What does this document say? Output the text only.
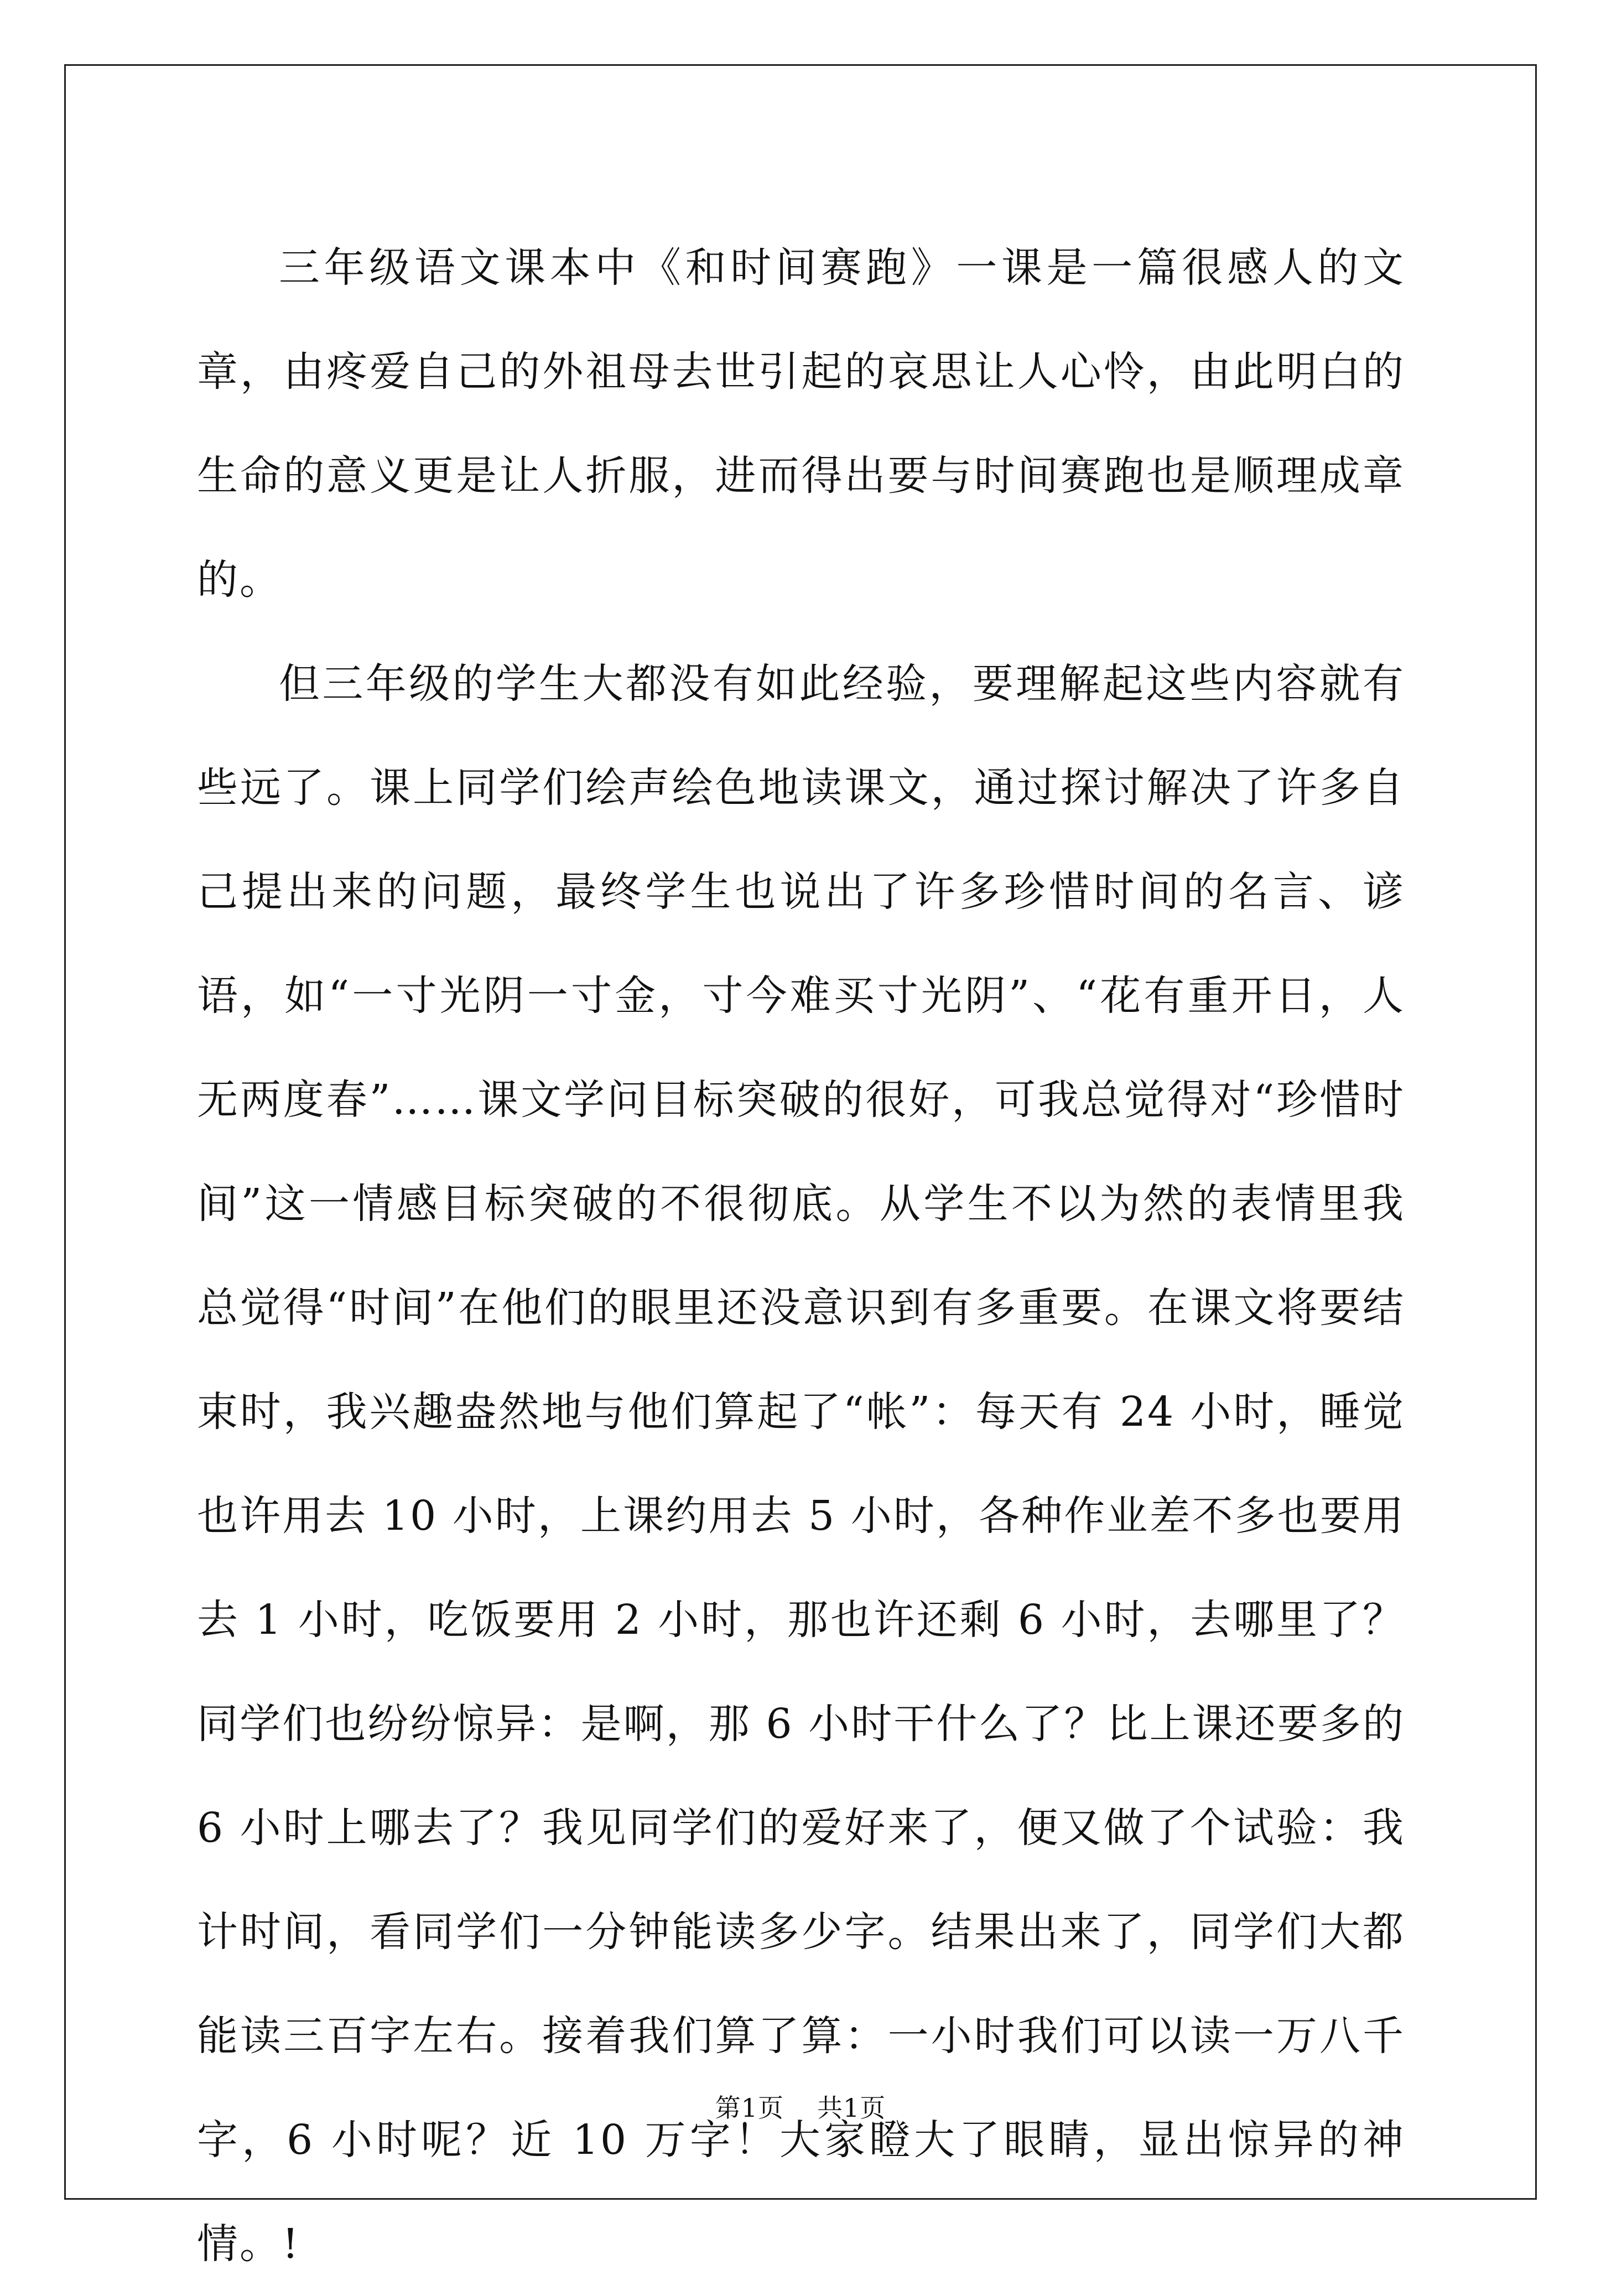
三年级语文课本中《和时间赛跑》一课是一篇很感人的文章，由疼爱自己的外祖母去世引起的哀思让人心怜，由此明白的生命的意义更是让人折服，进而得出要与时间赛跑也是顺理成章的。

但三年级的学生大都没有如此经验，要理解起这些内容就有些远了。课上同学们绘声绘色地读课文，通过探讨解决了许多自己提出来的问题，最终学生也说出了许多珍惜时间的名言、谚语，如“一寸光阴一寸金，寸今难买寸光阴”、“花有重开日，人无两度春”……课文学问目标突破的很好，可我总觉得对“珍惜时间”这一情感目标突破的不很彻底。从学生不以为然的表情里我总觉得“时间”在他们的眼里还没意识到有多重要。在课文将要结束时，我兴趣盎然地与他们算起了“帐”：每天有 24 小时，睡觉也许用去 10 小时，上课约用去 5 小时，各种作业差不多也要用去 1 小时，吃饭要用 2 小时，那也许还剩 6 小时，去哪里了？同学们也纷纷惊异：是啊，那 6 小时干什么了？比上课还要多的 6 小时上哪去了？我见同学们的爱好来了，便又做了个试验：我计时间，看同学们一分钟能读多少字。结果出来了，同学们大都能读三百字左右。接着我们算了算：一小时我们可以读一万八千字，6 小时呢？近 10 万字！大家瞪大了眼睛，显出惊异的神情。!

第1页 共1页
